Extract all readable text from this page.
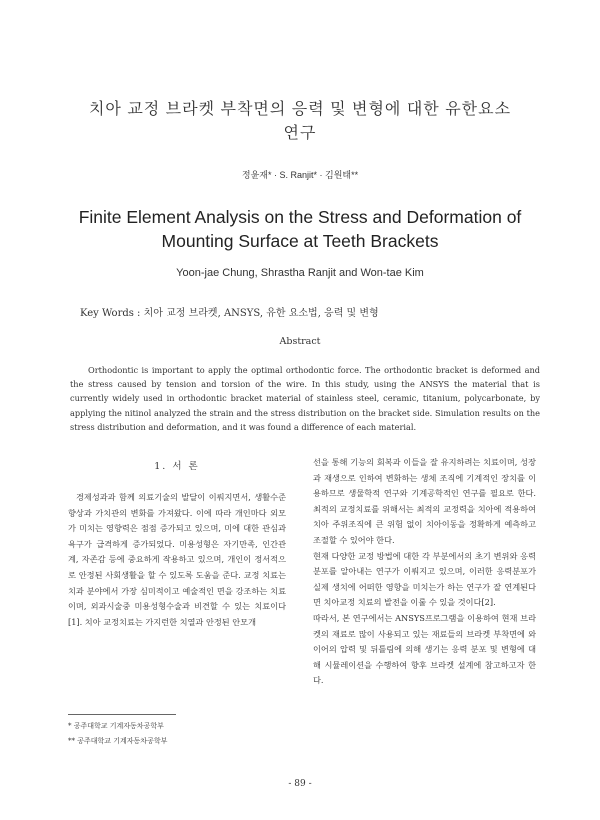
치아 교정 브라켓 부착면의 응력 및 변형에 대한 유한요소
연구
정윤재* · S. Ranjit* · 김원태**
Finite Element Analysis on the Stress and Deformation of
Mounting Surface at Teeth Brackets
Yoon-jae Chung, Shrastha Ranjit and Won-tae Kim
Key Words : 치아 교정 브라켓, ANSYS, 유한 요소법, 응력 및 변형
Abstract
Orthodontic is important to apply the optimal orthodontic force. The orthodontic bracket is deformed and the stress caused by tension and torsion of the wire. In this study, using the ANSYS the material that is currently widely used in orthodontic bracket material of stainless steel, ceramic, titanium, polycarbonate, by applying the nitinol analyzed the strain and the stress distribution on the bracket side. Simulation results on the stress distribution and deformation, and it was found a difference of each material.
1. 서 론

경제성과과 함께 의료기술의 발달이 이뤄지면서, 생활수준 향상과 가치관의 변화를 가져왔다. 이에 따라 개인마다 외모가 미치는 영향력은 점점 증가되고 있으며, 미에 대한 관심과 욕구가 급격하게 증가되었다. 미용성형은 자기만족, 인간관계, 자존감 등에 중요하게 작용하고 있으며, 개인이 정서적으로 안정된 사회생활을 할 수 있도록 도움을 준다. 교정 치료는 치과 분야에서 가장 심미적이고 예술적인 면을 강조하는 치료이며, 외과시술중 미용성형수술과 비견할 수 있는 치료이다[1]. 치아 교정치료는 가지런한 치열과 안정된 안모개

선을 통해 기능의 회복과 이들을 잘 유지하려는 치료이며, 성장과 재생으로 인하여 변화하는 생체 조직에 기계적인 장치를 이용하므로 생물학적 연구와 기계공학적인 연구를 필요로 한다. 최적의 교정치료를 위해서는 최적의 교정력을 치아에 적용하여 치아 주위조직에 큰 위험 없이 치아이동을 정확하게 예측하고 조절할 수 있어야 한다.

현재 다양한 교정 방법에 대한 각 부분에서의 초기 변위와 응력분포를 알아내는 연구가 이뤄지고 있으며, 이러한 응력분포가 실제 생치에 어떠한 영향을 미치는가 하는 연구가 잘 연계된다면 치아교정 치료의 발전을 이룰 수 있을 것이다[2].

따라서, 본 연구에서는 ANSYS프로그램을 이용하여 현재 브라켓의 재료로 많이 사용되고 있는 재료들의 브라켓 부착면에 와이어의 압력 및 뒤틀림에 의해 생기는 응력 분포 및 변형에 대해 시뮬레이션을 수행하여 향후 브라켓 설계에 참고하고자 한다.

* 공주대학교 기계자동차공학부
** 공주대학교 기계자동차공학부
- 89 -
